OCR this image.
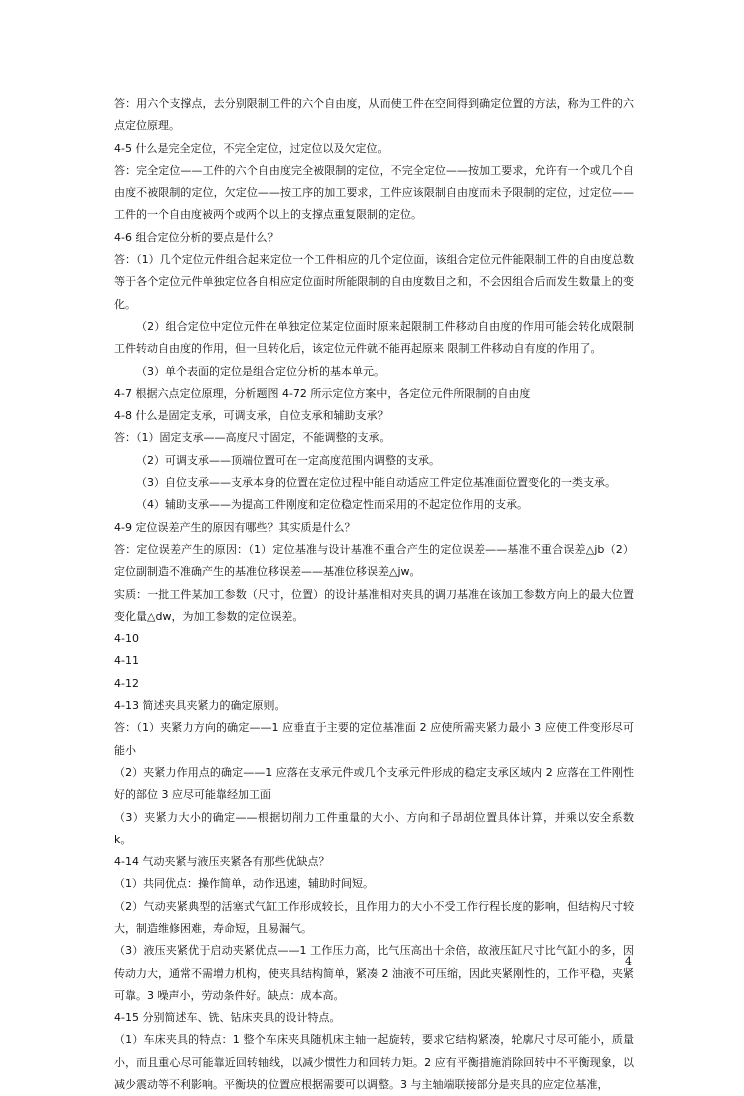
答：用六个支撑点，去分别限制工件的六个自由度，从而使工件在空间得到确定位置的方法，称为工件的六点定位原理。

4-5 什么是完全定位，不完全定位，过定位以及欠定位。

答：完全定位——工件的六个自由度完全被限制的定位，不完全定位——按加工要求，允许有一个或几个自由度不被限制的定位，欠定位——按工序的加工要求，工件应该限制自由度而未予限制的定位，过定位——工件的一个自由度被两个或两个以上的支撑点重复限制的定位。

4-6 组合定位分析的要点是什么？

答：（1）几个定位元件组合起来定位一个工件相应的几个定位面，该组合定位元件能限制工件的自由度总数等于各个定位元件单独定位各自相应定位面时所能限制的自由度数目之和，不会因组合后而发生数量上的变化。

（2）组合定位中定位元件在单独定位某定位面时原来起限制工件移动自由度的作用可能会转化成限制工件转动自由度的作用，但一旦转化后，该定位元件就不能再起原来 限制工件移动自有度的作用了。

（3）单个表面的定位是组合定位分析的基本单元。

4-7 根据六点定位原理，分析题图 4-72 所示定位方案中，各定位元件所限制的自由度

4-8 什么是固定支承，可调支承，自位支承和辅助支承？

答：（1）固定支承——高度尺寸固定，不能调整的支承。

（2）可调支承——顶端位置可在一定高度范围内调整的支承。

（3）自位支承——支承本身的位置在定位过程中能自动适应工件定位基准面位置变化的一类支承。

（4）辅助支承——为提高工件刚度和定位稳定性而采用的不起定位作用的支承。

4-9 定位误差产生的原因有哪些？其实质是什么？

答：定位误差产生的原因：（1）定位基准与设计基准不重合产生的定位误差——基准不重合误差△jb（2）定位副制造不准确产生的基准位移误差——基准位移误差△jw。

实质：一批工件某加工参数（尺寸，位置）的设计基准相对夹具的调刀基准在该加工参数方向上的最大位置变化量△dw，为加工参数的定位误差。

4-10

4-11

4-12

4-13 简述夹具夹紧力的确定原则。

答：（1）夹紧力方向的确定——1 应垂直于主要的定位基准面 2 应使所需夹紧力最小 3 应使工件变形尽可能小

（2）夹紧力作用点的确定——1 应落在支承元件或几个支承元件形成的稳定支承区域内 2 应落在工件刚性好的部位 3 应尽可能靠经加工面

（3）夹紧力大小的确定——根据切削力工件重量的大小、方向和子昂胡位置具体计算，并乘以安全系数 k。

4-14 气动夹紧与液压夹紧各有那些优缺点？

（1）共同优点：操作简单，动作迅速，辅助时间短。

（2）气动夹紧典型的活塞式气缸工作形成较长，且作用力的大小不受工作行程长度的影响，但结构尺寸较大，制造维修困难，寿命短，且易漏气。

（3）液压夹紧优于启动夹紧优点——1 工作压力高，比气压高出十余倍，故液压缸尺寸比气缸小的多，因传动力大，通常不需增力机构，使夹具结构简单，紧凑 2 油液不可压缩，因此夹紧刚性的，工作平稳，夹紧可靠。3 噪声小，劳动条件好。缺点：成本高。

4-15 分别简述车、铣、钻床夹具的设计特点。

（1）车床夹具的特点：1 整个车床夹具随机床主轴一起旋转，要求它结构紧凑，轮廓尺寸尽可能小，质量小，而且重心尽可能靠近回转轴线，以减少惯性力和回转力矩。2 应有平衡措施消除回转中不平衡现象，以减少震动等不利影响。平衡块的位置应根据需要可以调整。3 与主轴端联接部分是夹具的应定位基准，

4
